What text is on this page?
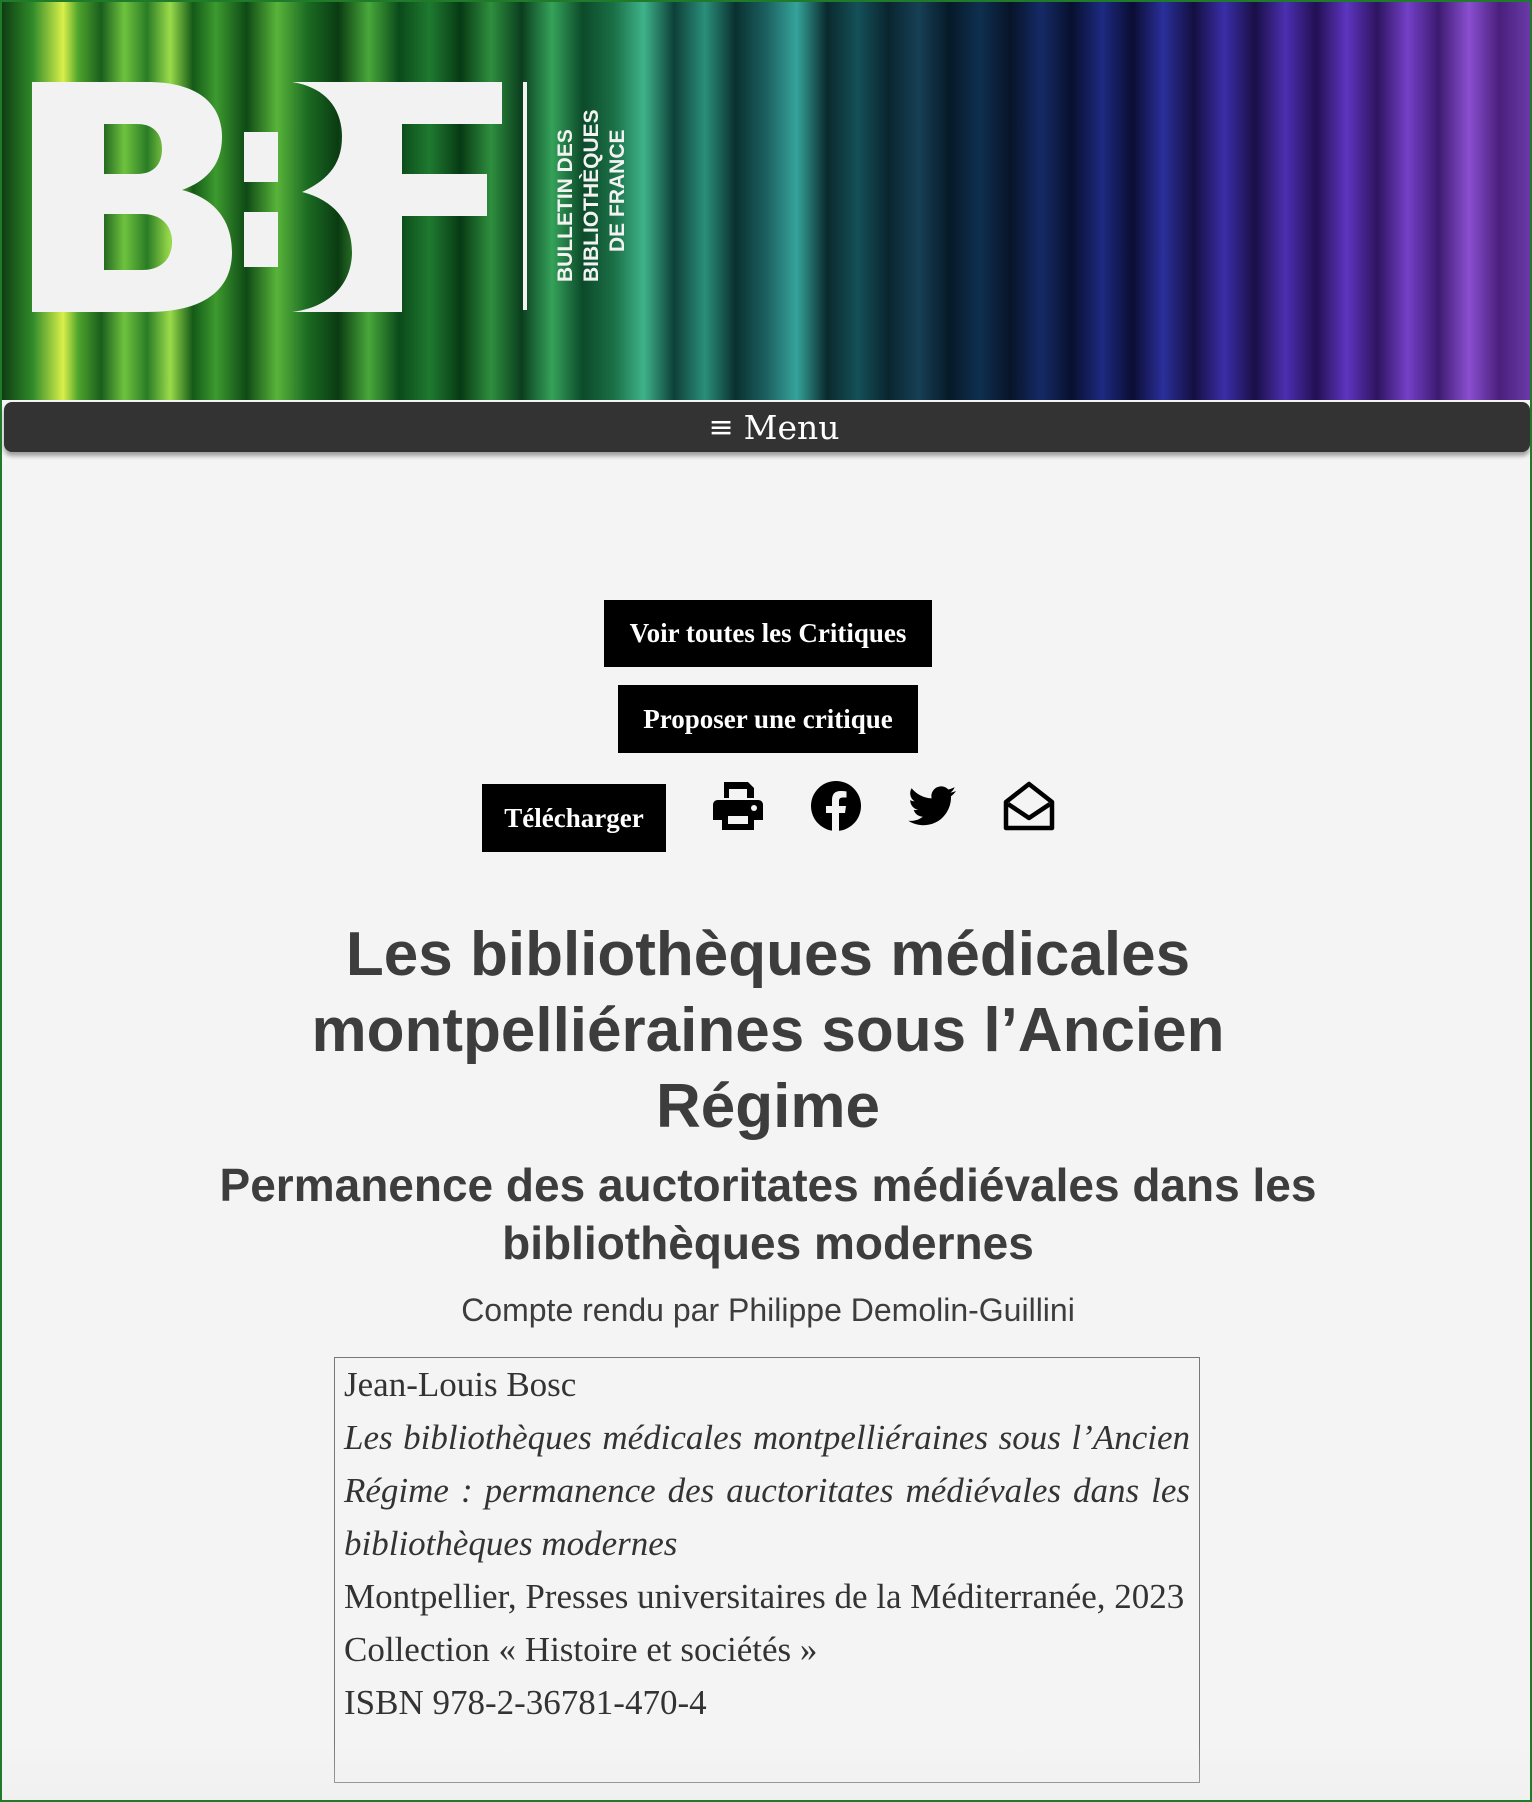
BULLETIN DES BIBLIOTHÈQUES DE FRANCE
≡ Menu
Voir toutes les Critiques
Proposer une critique
Télécharger
Les bibliothèques médicales montpelliéraines sous l’Ancien Régime
Permanence des auctoritates médiévales dans les bibliothèques modernes
Compte rendu par Philippe Demolin-Guillini
Jean-Louis Bosc
Les bibliothèques médicales montpelliéraines sous l’Ancien Régime : permanence des auctoritates médiévales dans les bibliothèques modernes
Montpellier, Presses universitaires de la Méditerranée, 2023
Collection « Histoire et sociétés »
ISBN 978-2-36781-470-4
